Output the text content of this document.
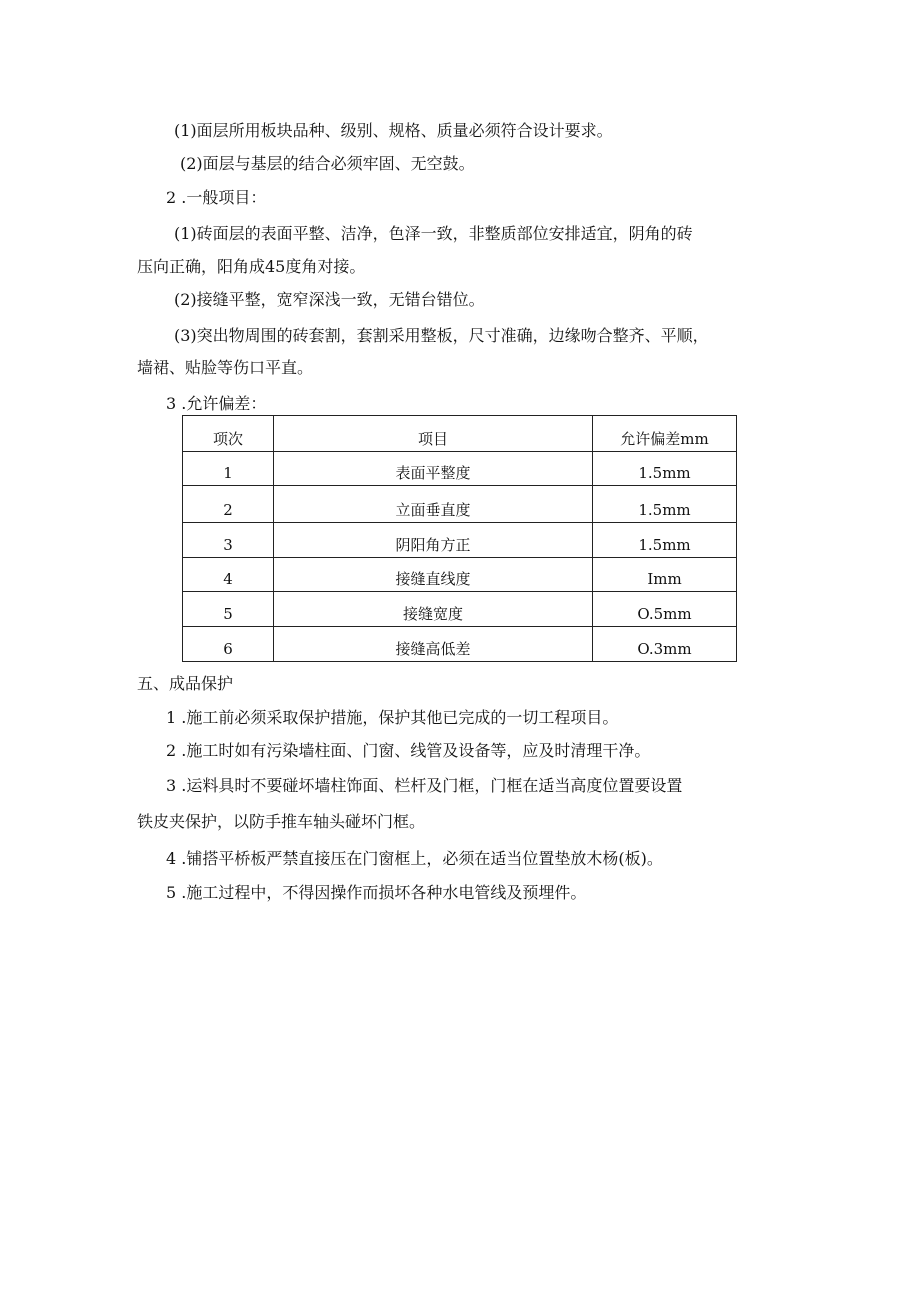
(1)面层所用板块品种、级别、规格、质量必须符合设计要求。
(2)面层与基层的结合必须牢固、无空鼓。
2 .一般项目：
(1)砖面层的表面平整、洁净，色泽一致，非整质部位安排适宜，阴角的砖
压向正确，阳角成45度角对接。
(2)接缝平整，宽窄深浅一致，无错台错位。
(3)突出物周围的砖套割，套割采用整板，尺寸准确，边缘吻合整齐、平顺，
墙裙、贴脸等伤口平直。
3 .允许偏差：
项次	项目	允许偏差mm
1	表面平整度	1.5mm
2	立面垂直度	1.5mm
3	阴阳角方正	1.5mm
4	接缝直线度	Imm
5	接缝宽度	O.5mm
6	接缝高低差	O.3mm
五、成品保护
1 .施工前必须采取保护措施，保护其他已完成的一切工程项目。
2 .施工时如有污染墙柱面、门窗、线管及设备等，应及时清理干净。
3 .运料具时不要碰坏墙柱饰面、栏杆及门框，门框在适当高度位置要设置
铁皮夹保护，以防手推车轴头碰坏门框。
4 .铺搭平桥板严禁直接压在门窗框上，必须在适当位置垫放木杨(板)。
5 .施工过程中，不得因操作而损坏各种水电管线及预埋件。
